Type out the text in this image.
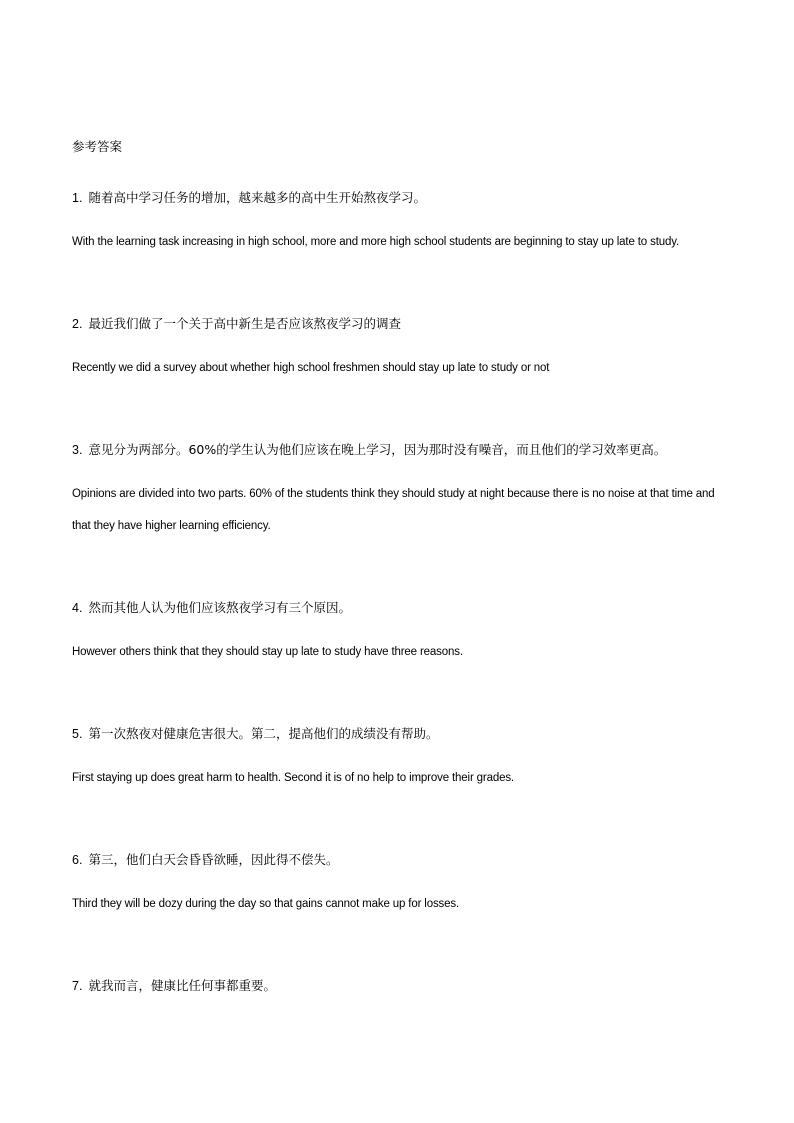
参考答案
1. 随着高中学习任务的增加，越来越多的高中生开始熬夜学习。
With the learning task increasing in high school, more and more high school students are beginning to stay up late to study.
2. 最近我们做了一个关于高中新生是否应该熬夜学习的调查
Recently we did a survey about whether high school freshmen should stay up late to study or not
3. 意见分为两部分。60%的学生认为他们应该在晚上学习，因为那时没有噪音，而且他们的学习效率更高。
Opinions are divided into two parts. 60% of the students think they should study at night because there is no noise at that time and that they have higher learning efficiency.
4. 然而其他人认为他们应该熬夜学习有三个原因。
However others think that they should stay up late to study have three reasons.
5. 第一次熬夜对健康危害很大。第二，提高他们的成绩没有帮助。
First staying up does great harm to health. Second it is of no help to improve their grades.
6. 第三，他们白天会昏昏欲睡，因此得不偿失。
Third they will be dozy during the day so that gains cannot make up for losses.
7. 就我而言，健康比任何事都重要。
